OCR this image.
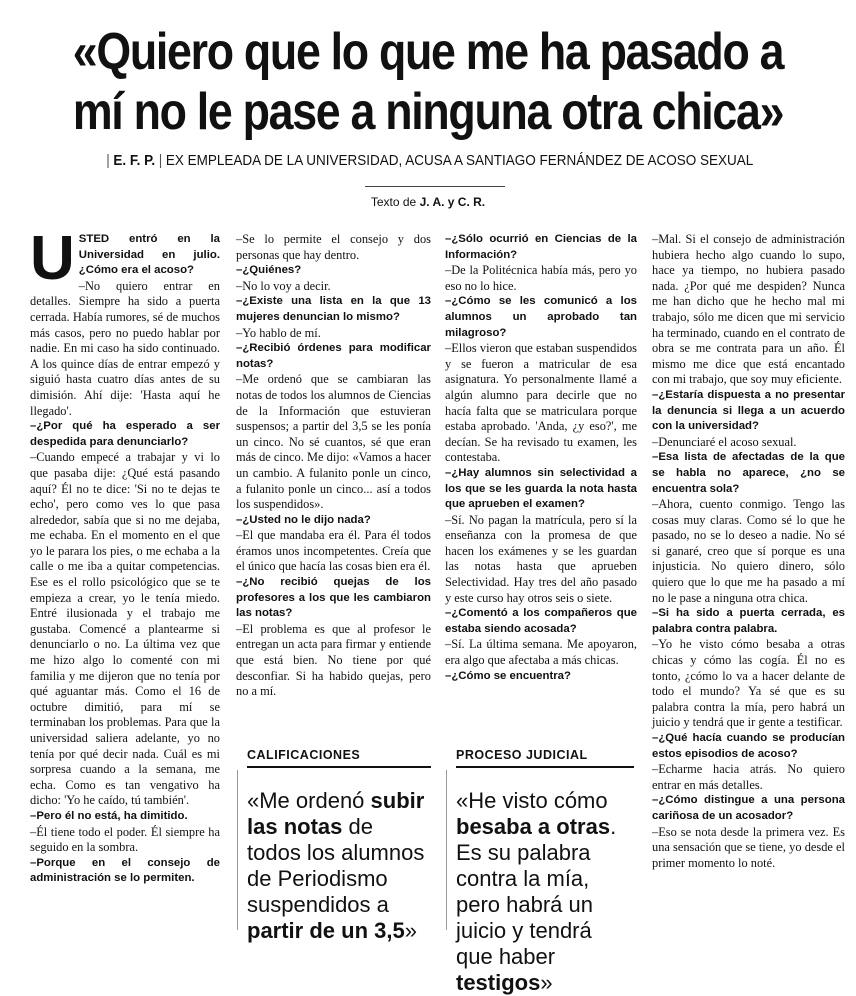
«Quiero que lo que me ha pasado a
mí no le pase a ninguna otra chica»
| E. F. P. | EX EMPLEADA DE LA UNIVERSIDAD, ACUSA A SANTIAGO FERNÁNDEZ DE ACOSO SEXUAL
Texto de J. A. y C. R.

USTED entró en la Universidad en julio. ¿Cómo era el acoso?

–No quiero entrar en detalles. Siempre ha sido a puerta cerrada. Había rumores, sé de muchos más casos, pero no puedo hablar por nadie. En mi caso ha sido continuado. A los quince días de entrar empezó y siguió hasta cuatro días antes de su dimisión. Ahí dije: 'Hasta aquí he llegado'.

–¿Por qué ha esperado a ser despedida para denunciarlo?

–Cuando empecé a trabajar y vi lo que pasaba dije: ¿Qué está pasando aquí? Él no te dice: 'Si no te dejas te echo', pero como ves lo que pasa alrededor, sabía que si no me dejaba, me echaba. En el momento en el que yo le parara los pies, o me echaba a la calle o me iba a quitar competencias. Ese es el rollo psicológico que se te empieza a crear, yo le tenía miedo. Entré ilusionada y el trabajo me gustaba. Comencé a plantearme si denunciarlo o no. La última vez que me hizo algo lo comenté con mi familia y me dijeron que no tenía por qué aguantar más. Como el 16 de octubre dimitió, para mí se terminaban los problemas. Para que la universidad saliera adelante, yo no tenía por qué decir nada. Cuál es mi sorpresa cuando a la semana, me echa. Como es tan vengativo ha dicho: 'Yo he caído, tú también'.

–Pero él no está, ha dimitido.

–Él tiene todo el poder. Él siempre ha seguido en la sombra.

–Porque en el consejo de administración se lo permiten.

–Se lo permite el consejo y dos personas que hay dentro.

–¿Quiénes?

–No lo voy a decir.

–¿Existe una lista en la que 13 mujeres denuncian lo mismo?

–Yo hablo de mí.

–¿Recibió órdenes para modificar notas?

–Me ordenó que se cambiaran las notas de todos los alumnos de Ciencias de la Información que estuvieran suspensos; a partir del 3,5 se les ponía un cinco. No sé cuantos, sé que eran más de cinco. Me dijo: «Vamos a hacer un cambio. A fulanito ponle un cinco, a fulanito ponle un cinco... así a todos los suspendidos».

–¿Usted no le dijo nada?

–El que mandaba era él. Para él todos éramos unos incompetentes. Creía que el único que hacía las cosas bien era él.

–¿No recibió quejas de los profesores a los que les cambiaron las notas?

–El problema es que al profesor le entregan un acta para firmar y entiende que está bien. No tiene por qué desconfiar. Si ha habido quejas, pero no a mí.

–¿Sólo ocurrió en Ciencias de la Información?

–De la Politécnica había más, pero yo eso no lo hice.

–¿Cómo se les comunicó a los alumnos un aprobado tan milagroso?

–Ellos vieron que estaban suspendidos y se fueron a matricular de esa asignatura. Yo personalmente llamé a algún alumno para decirle que no hacía falta que se matriculara porque estaba aprobado. 'Anda, ¿y eso?', me decían. Se ha revisado tu examen, les contestaba.

–¿Hay alumnos sin selectividad a los que se les guarda la nota hasta que aprueben el examen?

–Sí. No pagan la matrícula, pero sí la enseñanza con la promesa de que hacen los exámenes y se les guardan las notas hasta que aprueben Selectividad. Hay tres del año pasado y este curso hay otros seis o siete.

–¿Comentó a los compañeros que estaba siendo acosada?

–Sí. La última semana. Me apoyaron, era algo que afectaba a más chicas.

–¿Cómo se encuentra?

–Mal. Si el consejo de administración hubiera hecho algo cuando lo supo, hace ya tiempo, no hubiera pasado nada. ¿Por qué me despiden? Nunca me han dicho que he hecho mal mi trabajo, sólo me dicen que mi servicio ha terminado, cuando en el contrato de obra se me contrata para un año. Él mismo me dice que está encantado con mi trabajo, que soy muy eficiente.

–¿Estaría dispuesta a no presentar la denuncia si llega a un acuerdo con la universidad?

–Denunciaré el acoso sexual.

–Esa lista de afectadas de la que se habla no aparece, ¿no se encuentra sola?

–Ahora, cuento conmigo. Tengo las cosas muy claras. Como sé lo que he pasado, no se lo deseo a nadie. No sé si ganaré, creo que sí porque es una injusticia. No quiero dinero, sólo quiero que lo que me ha pasado a mí no le pase a ninguna otra chica.

–Si ha sido a puerta cerrada, es palabra contra palabra.

–Yo he visto cómo besaba a otras chicas y cómo las cogía. Él no es tonto, ¿cómo lo va a hacer delante de todo el mundo? Ya sé que es su palabra contra la mía, pero habrá un juicio y tendrá que ir gente a testificar.

–¿Qué hacía cuando se producían estos episodios de acoso?

–Echarme hacia atrás. No quiero entrar en más detalles.

–¿Cómo distingue a una persona cariñosa de un acosador?

–Eso se nota desde la primera vez. Es una sensación que se tiene, yo desde el primer momento lo noté.

CALIFICACIONES
«Me ordenó subir las notas de todos los alumnos de Periodismo suspendidos a partir de un 3,5»
PROCESO JUDICIAL
«He visto cómo besaba a otras. Es su palabra contra la mía, pero habrá un juicio y tendrá que haber testigos»
